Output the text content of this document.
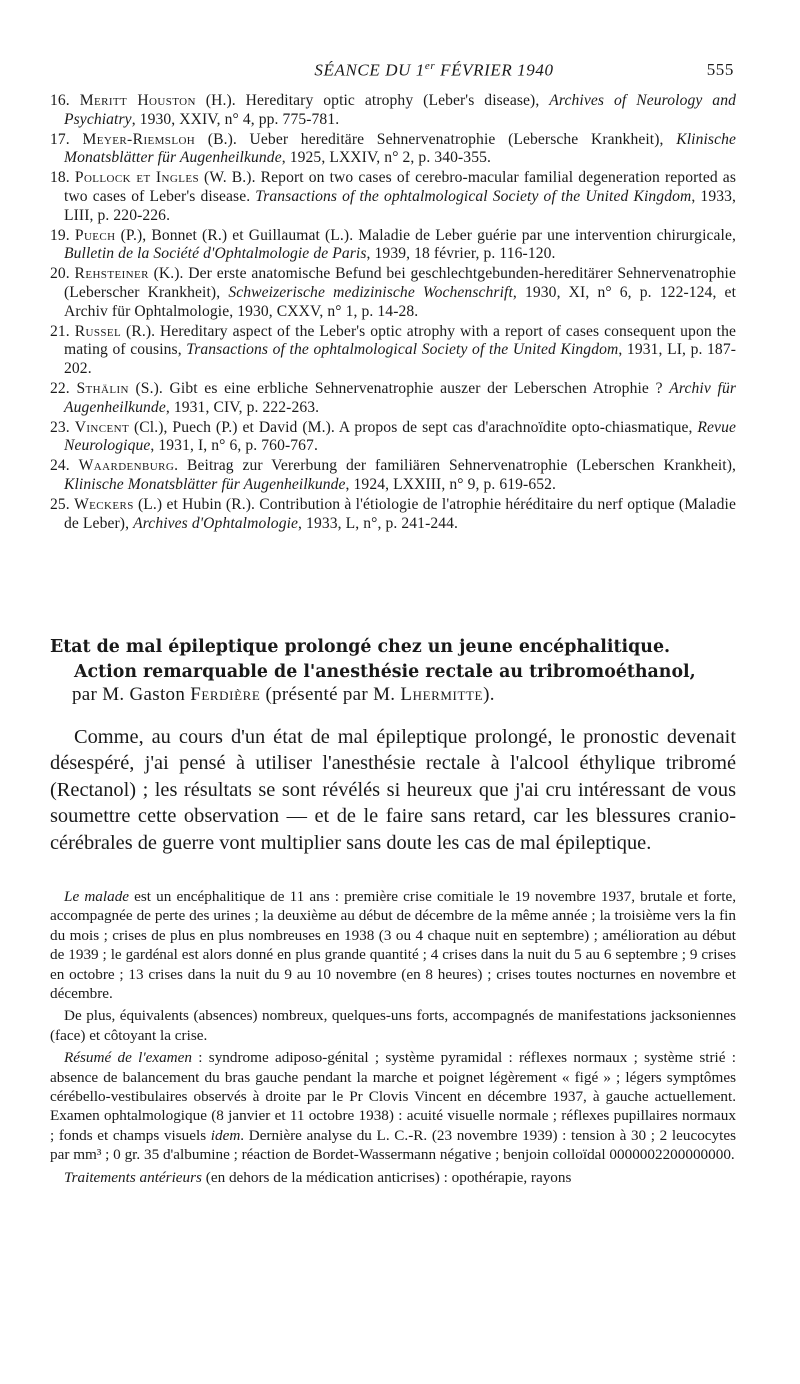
SÉANCE DU 1er FÉVRIER 1940	555

16. Meritt Houston (H.). Hereditary optic atrophy (Leber's disease), Archives of Neurology and Psychiatry, 1930, XXIV, n° 4, pp. 775-781.

17. Meyer-Riemsloh (B.). Ueber hereditäre Sehnervenatrophie (Lebersche Krankheit), Klinische Monatsblätter für Augenheilkunde, 1925, LXXIV, n° 2, p. 340-355.

18. Pollock et Ingles (W. B.). Report on two cases of cerebro-macular familial degeneration reported as two cases of Leber's disease. Transactions of the ophtalmological Society of the United Kingdom, 1933, LIII, p. 220-226.

19. Puech (P.), Bonnet (R.) et Guillaumat (L.). Maladie de Leber guérie par une intervention chirurgicale, Bulletin de la Société d'Ophtalmologie de Paris, 1939, 18 février, p. 116-120.

20. Rehsteiner (K.). Der erste anatomische Befund bei geschlechtgebunden-hereditärer Sehnervenatrophie (Leberscher Krankheit), Schweizerische medizinische Wochenschrift, 1930, XI, n° 6, p. 122-124, et Archiv für Ophtalmologie, 1930, CXXV, n° 1, p. 14-28.

21. Russel (R.). Hereditary aspect of the Leber's optic atrophy with a report of cases consequent upon the mating of cousins, Transactions of the ophtalmological Society of the United Kingdom, 1931, LI, p. 187-202.

22. Sthälin (S.). Gibt es eine erbliche Sehnervenatrophie auszer der Leberschen Atrophie ? Archiv für Augenheilkunde, 1931, CIV, p. 222-263.

23. Vincent (Cl.), Puech (P.) et David (M.). A propos de sept cas d'arachnoïdite opto-chiasmatique, Revue Neurologique, 1931, I, n° 6, p. 760-767.

24. Waardenburg. Beitrag zur Vererbung der familiären Sehnervenatrophie (Leberschen Krankheit), Klinische Monatsblätter für Augenheilkunde, 1924, LXXIII, n° 9, p. 619-652.

25. Weckers (L.) et Hubin (R.). Contribution à l'étiologie de l'atrophie héréditaire du nerf optique (Maladie de Leber), Archives d'Ophtalmologie, 1933, L, n°, p. 241-244.

Etat de mal épileptique prolongé chez un jeune encéphalitique.
Action remarquable de l'anesthésie rectale au tribromoéthanol,
par M. Gaston Ferdière (présenté par M. Lhermitte).

Comme, au cours d'un état de mal épileptique prolongé, le pronostic devenait désespéré, j'ai pensé à utiliser l'anesthésie rectale à l'alcool éthylique tribromé (Rectanol) ; les résultats se sont révélés si heureux que j'ai cru intéressant de vous soumettre cette observation — et de le faire sans retard, car les blessures cranio-cérébrales de guerre vont multiplier sans doute les cas de mal épileptique.

Le malade est un encéphalitique de 11 ans : première crise comitiale le 19 novembre 1937, brutale et forte, accompagnée de perte des urines ; la deuxième au début de décembre de la même année ; la troisième vers la fin du mois ; crises de plus en plus nombreuses en 1938 (3 ou 4 chaque nuit en septembre) ; amélioration au début de 1939 ; le gardénal est alors donné en plus grande quantité ; 4 crises dans la nuit du 5 au 6 septembre ; 9 crises en octobre ; 13 crises dans la nuit du 9 au 10 novembre (en 8 heures) ; crises toutes nocturnes en novembre et décembre.

De plus, équivalents (absences) nombreux, quelques-uns forts, accompagnés de manifestations jacksoniennes (face) et côtoyant la crise.

Résumé de l'examen : syndrome adiposo-génital ; système pyramidal : réflexes normaux ; système strié : absence de balancement du bras gauche pendant la marche et poignet légèrement « figé » ; légers symptômes cérébello-vestibulaires observés à droite par le Pr Clovis Vincent en décembre 1937, à gauche actuellement. Examen ophtalmologique (8 janvier et 11 octobre 1938) : acuité visuelle normale ; réflexes pupillaires normaux ; fonds et champs visuels idem. Dernière analyse du L. C.-R. (23 novembre 1939) : tension à 30 ; 2 leucocytes par mm³ ; 0 gr. 35 d'albumine ; réaction de Bordet-Wassermann négative ; benjoin colloïdal 0000002200000000.

Traitements antérieurs (en dehors de la médication anticrises) : opothérapie, rayons
